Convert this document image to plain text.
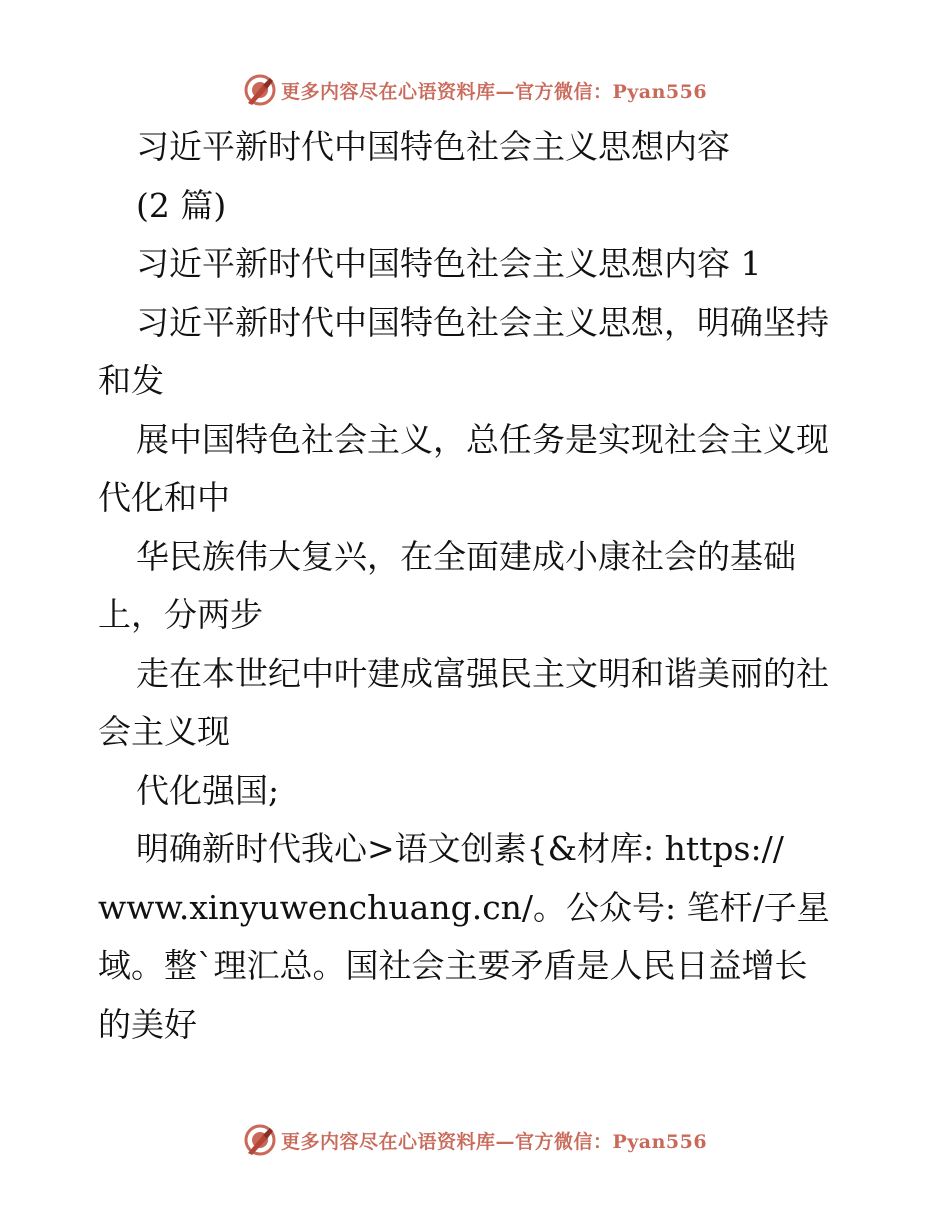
更多内容尽在心语资料库—官方微信：Pyan556
习近平新时代中国特色社会主义思想内容
(2 篇)
习近平新时代中国特色社会主义思想内容 1
习近平新时代中国特色社会主义思想，明确坚持
和发
展中国特色社会主义，总任务是实现社会主义现
代化和中
华民族伟大复兴，在全面建成小康社会的基础
上，分两步
走在本世纪中叶建成富强民主文明和谐美丽的社
会主义现
代化强国;
明确新时代我心>语文创素{&材库: https://
www.xinyuwenchuang.cn/。公众号: 笔杆/子星
域。整ˋ理汇总。国社会主要矛盾是人民日益增长
的美好
更多内容尽在心语资料库—官方微信：Pyan556
